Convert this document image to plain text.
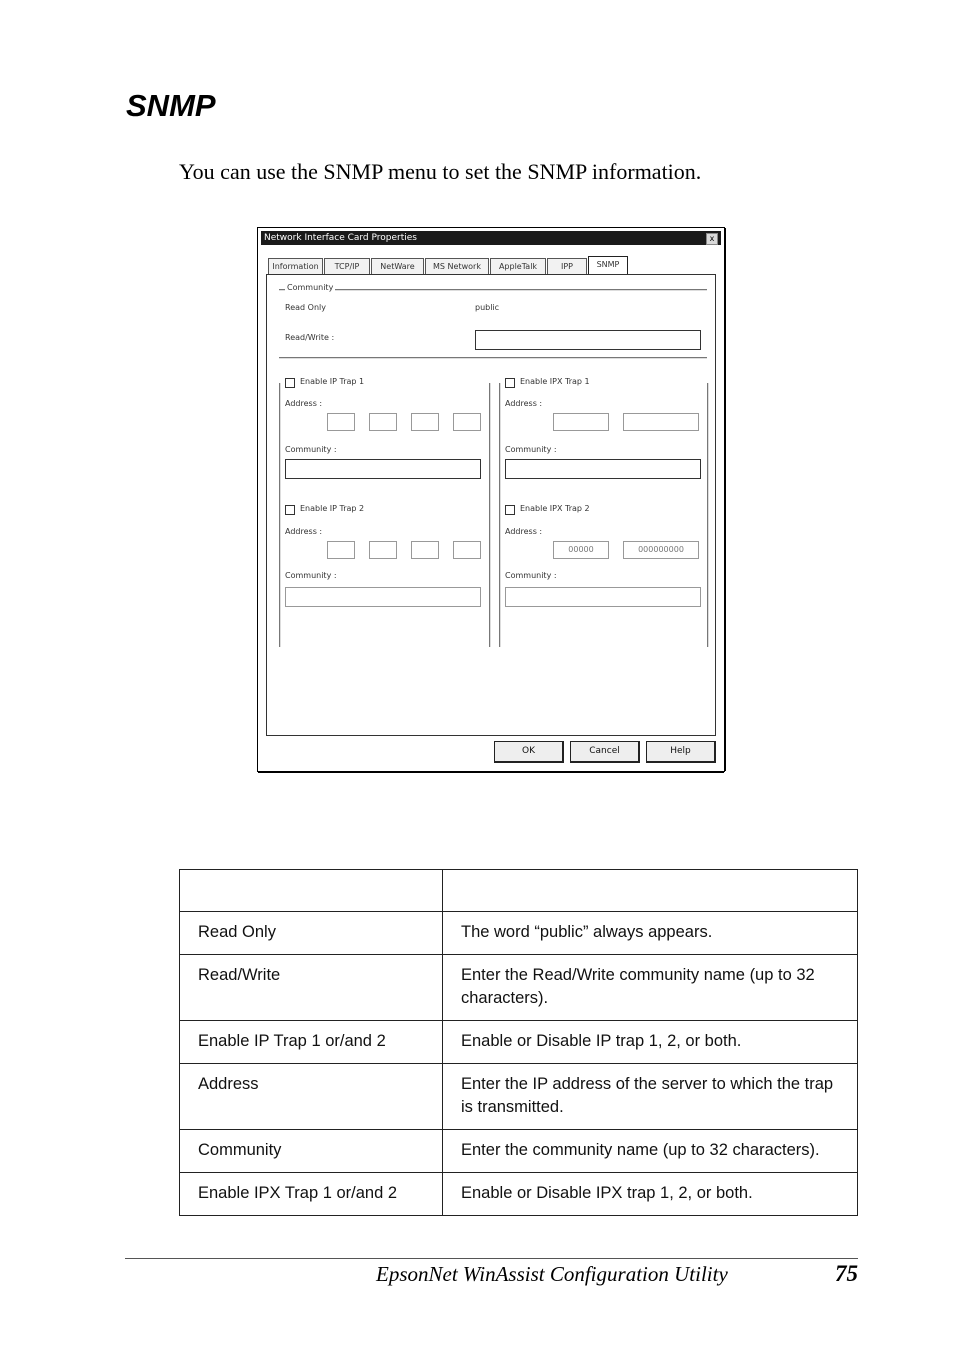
SNMP

You can use the SNMP menu to set the SNMP information.

Network Interface Card Properties	x
Information	TCP/IP	NetWare	MS Network	AppleTalk	IPP	SNMP
Community
Read Only	public
Read/Write :
Enable IP Trap 1
Address :
Community :
Enable IPX Trap 1
Address :
Community :
Enable IP Trap 2
Address :
Community :
Enable IPX Trap 2
Address :
00000	000000000
Community :
OK	Cancel	Help

Read Only	The word “public” always appears.
Read/Write	Enter the Read/Write community name (up to 32 characters).
Enable IP Trap 1 or/and 2	Enable or Disable IP trap 1, 2, or both.
Address	Enter the IP address of the server to which the trap is transmitted.
Community	Enter the community name (up to 32 characters).
Enable IPX Trap 1 or/and 2	Enable or Disable IPX trap 1, 2, or both.
EpsonNet WinAssist Configuration Utility	75
